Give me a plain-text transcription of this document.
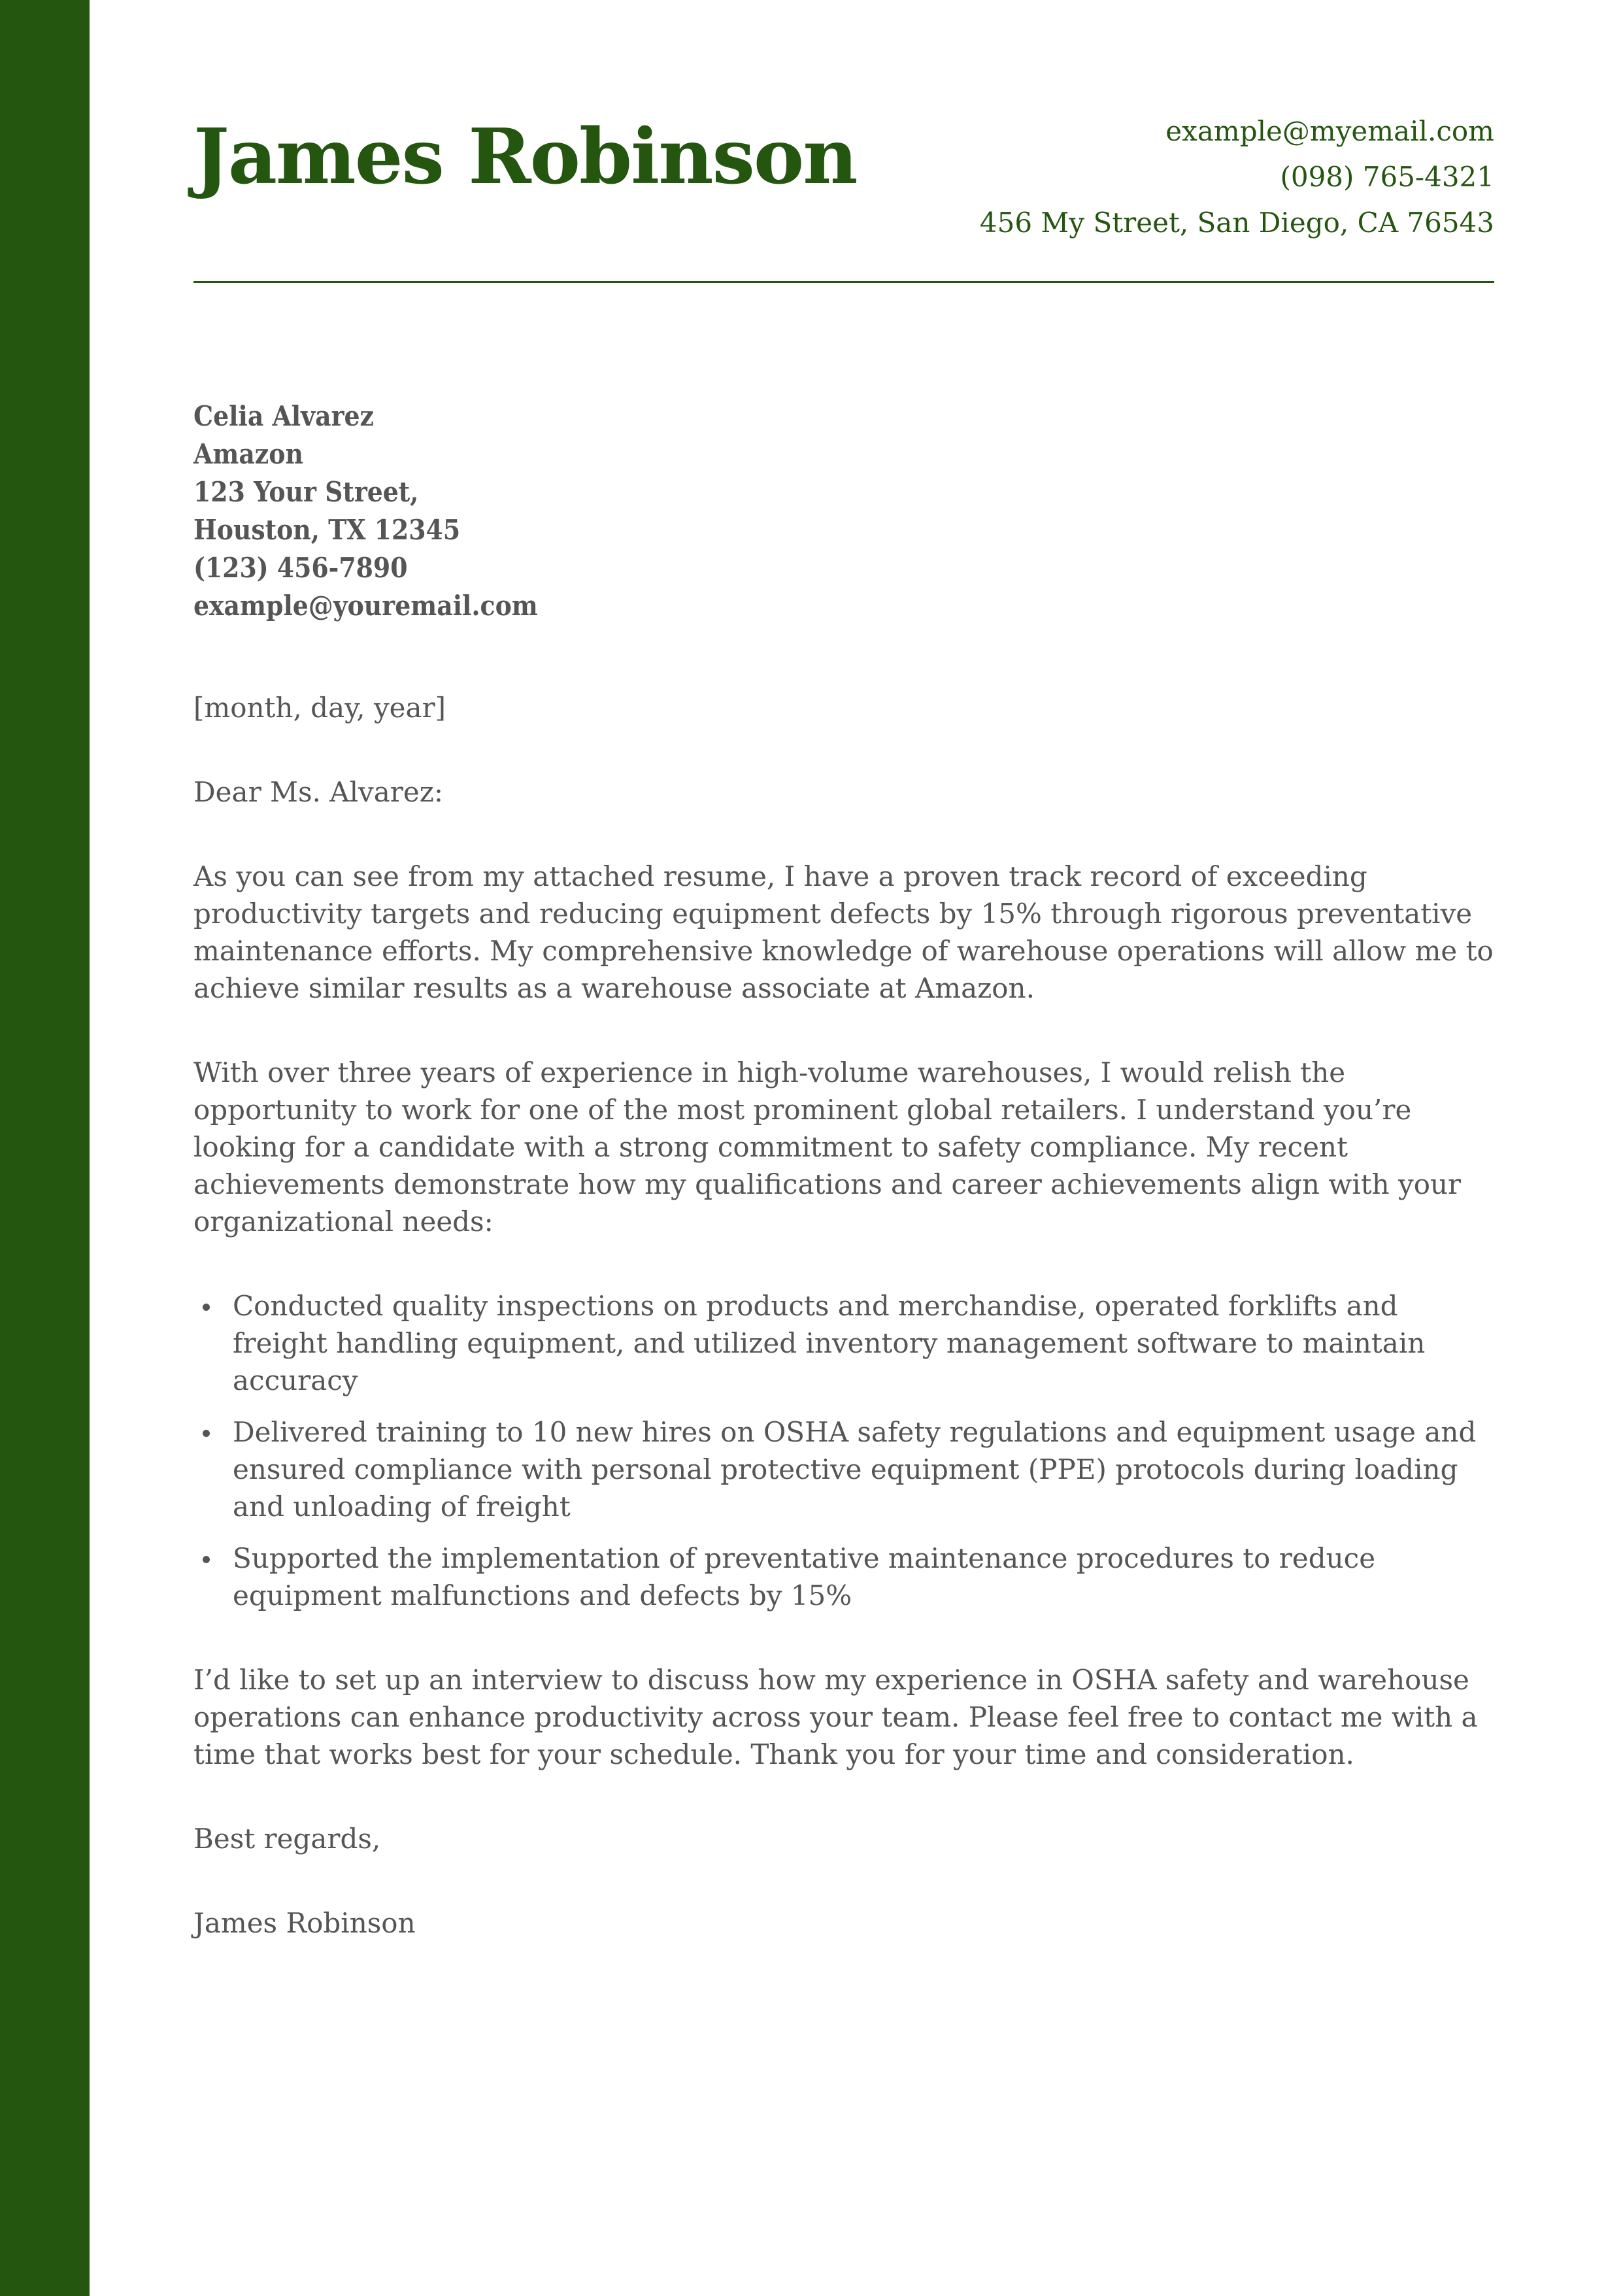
James Robinson	example@myemail.com
(098) 765-4321
456 My Street, San Diego, CA 76543
Celia Alvarez
Amazon
123 Your Street,
Houston, TX 12345
(123) 456-7890
example@youremail.com

[month, day, year]

Dear Ms. Alvarez:

As you can see from my attached resume, I have a proven track record of exceeding productivity targets and reducing equipment defects by 15% through rigorous preventative maintenance efforts. My comprehensive knowledge of warehouse operations will allow me to achieve similar results as a warehouse associate at Amazon.

With over three years of experience in high-volume warehouses, I would relish the opportunity to work for one of the most prominent global retailers. I understand you’re looking for a candidate with a strong commitment to safety compliance. My recent achievements demonstrate how my qualifications and career achievements align with your organizational needs:

Conducted quality inspections on products and merchandise, operated forklifts and freight handling equipment, and utilized inventory management software to maintain accuracy
Delivered training to 10 new hires on OSHA safety regulations and equipment usage and ensured compliance with personal protective equipment (PPE) protocols during loading and unloading of freight
Supported the implementation of preventative maintenance procedures to reduce equipment malfunctions and defects by 15%

I’d like to set up an interview to discuss how my experience in OSHA safety and warehouse operations can enhance productivity across your team. Please feel free to contact me with a time that works best for your schedule. Thank you for your time and consideration.

Best regards,

James Robinson
